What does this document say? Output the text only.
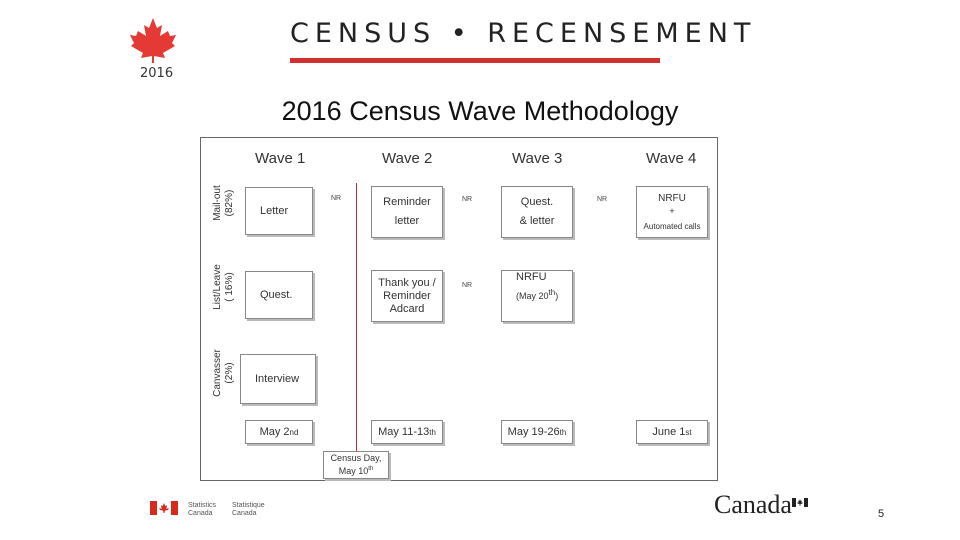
2016
CENSUS • RECENSEMENT
2016 Census Wave Methodology
Wave 1	Wave 2	Wave 3	Wave 4
Mail-out (82%)
List/Leave ( 16%)
Canvasser (2%)
Letter
NR	Reminder
letter
NR	Quest.
& letter
NR	NRFU
+
Automated calls
Quest.
Thank you /
Reminder
Adcard
NR
NRFU
(May 20th)
Interview
May 2 nd	May 11-13 th	May 19-26 th	June 1 st
Census Day,
May 10th
Statistics
Canada
Statistique
Canada	Canada	5
